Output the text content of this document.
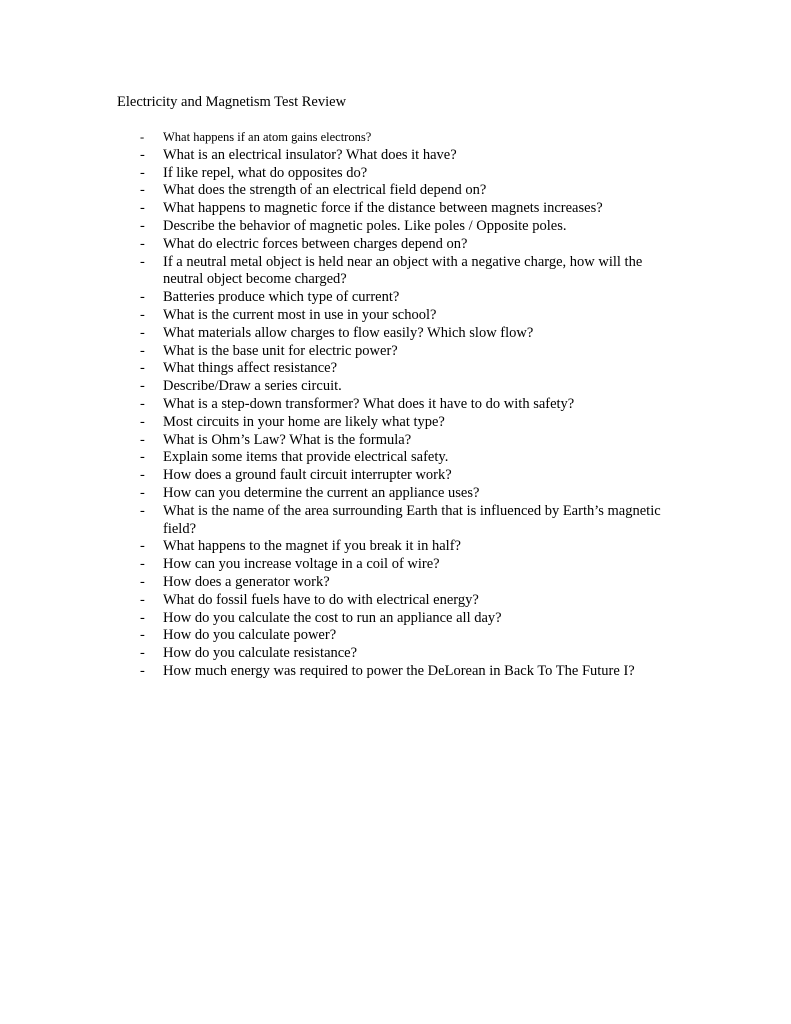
Electricity and Magnetism Test Review
- What happens if an atom gains electrons?
- What is an electrical insulator? What does it have?
- If like repel, what do opposites do?
- What does the strength of an electrical field depend on?
- What happens to magnetic force if the distance between magnets increases?
- Describe the behavior of magnetic poles. Like poles / Opposite poles.
- What do electric forces between charges depend on?
- If a neutral metal object is held near an object with a negative charge, how will the neutral object become charged?
- Batteries produce which type of current?
- What is the current most in use in your school?
- What materials allow charges to flow easily? Which slow flow?
- What is the base unit for electric power?
- What things affect resistance?
- Describe/Draw a series circuit.
- What is a step-down transformer? What does it have to do with safety?
- Most circuits in your home are likely what type?
- What is Ohm’s Law? What is the formula?
- Explain some items that provide electrical safety.
- How does a ground fault circuit interrupter work?
- How can you determine the current an appliance uses?
- What is the name of the area surrounding Earth that is influenced by Earth’s magnetic field?
- What happens to the magnet if you break it in half?
- How can you increase voltage in a coil of wire?
- How does a generator work?
- What do fossil fuels have to do with electrical energy?
- How do you calculate the cost to run an appliance all day?
- How do you calculate power?
- How do you calculate resistance?
- How much energy was required to power the DeLorean in Back To The Future I?
